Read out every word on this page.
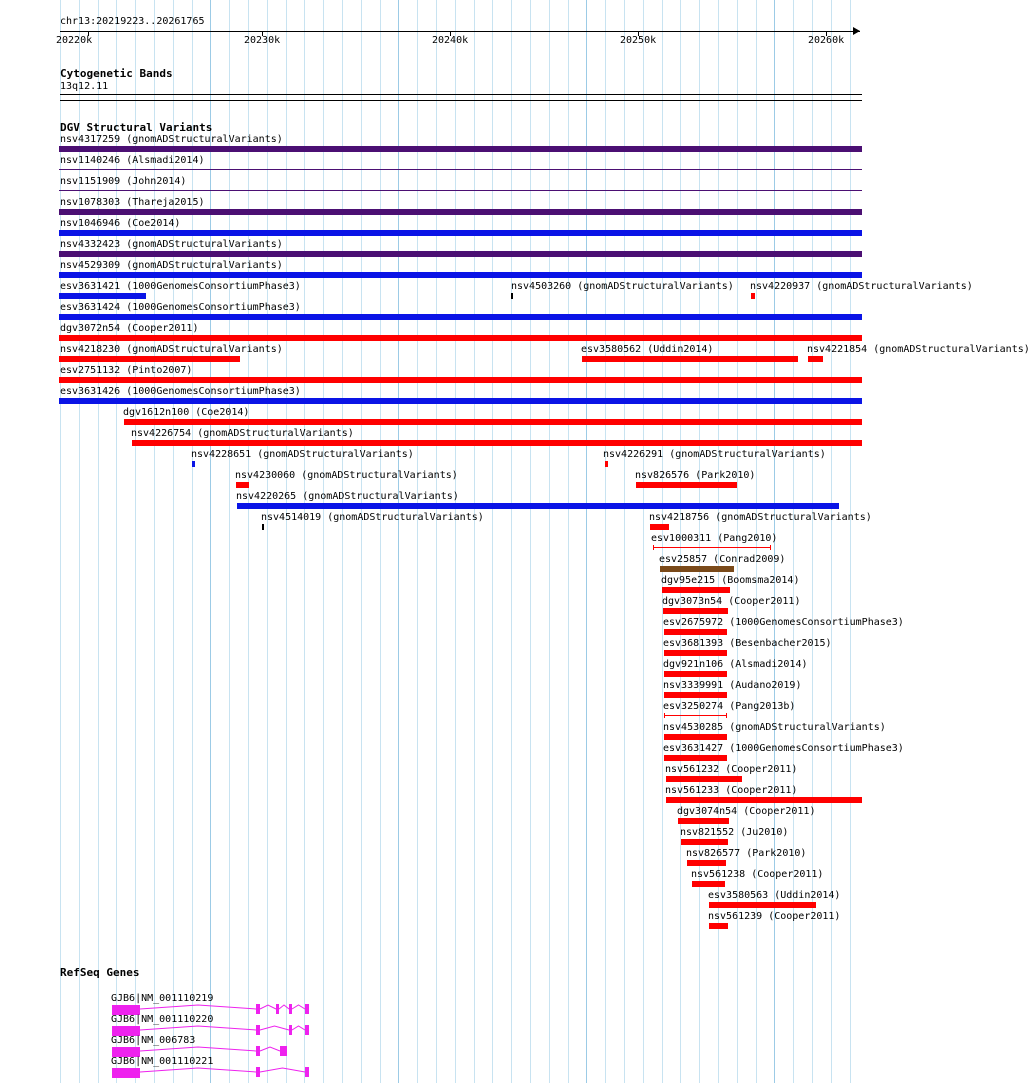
chr13:20219223..20261765
20220k	20230k	20240k	20250k	20260k
Cytogenetic Bands
13q12.11
DGV Structural Variants
nsv4317259 (gnomADStructuralVariants)
nsv1140246 (Alsmadi2014)
nsv1151909 (John2014)
nsv1078303 (Thareja2015)
nsv1046946 (Coe2014)
nsv4332423 (gnomADStructuralVariants)
nsv4529309 (gnomADStructuralVariants)
esv3631421 (1000GenomesConsortiumPhase3)	nsv4503260 (gnomADStructuralVariants) nsv4220937 (gnomADStructuralVariants)
esv3631424 (1000GenomesConsortiumPhase3)
dgv3072n54 (Cooper2011)
nsv4218230 (gnomADStructuralVariants)	esv3580562 (Uddin2014)	nsv4221854 (gnomADStructuralVariants)
esv2751132 (Pinto2007)
esv3631426 (1000GenomesConsortiumPhase3)
dgv1612n100 (Coe2014)
nsv4226754 (gnomADStructuralVariants)
nsv4228651 (gnomADStructuralVariants)	nsv4226291 (gnomADStructuralVariants)
nsv4230060 (gnomADStructuralVariants)	nsv826576 (Park2010)
nsv4220265 (gnomADStructuralVariants)
nsv4514019 (gnomADStructuralVariants)	nsv4218756 (gnomADStructuralVariants)
esv1000311 (Pang2010)
esv25857 (Conrad2009)
dgv95e215 (Boomsma2014)
dgv3073n54 (Cooper2011)
esv2675972 (1000GenomesConsortiumPhase3)
esv3681393 (Besenbacher2015)
dgv921n106 (Alsmadi2014)
nsv3339991 (Audano2019)
esv3250274 (Pang2013b)
nsv4530285 (gnomADStructuralVariants)
esv3631427 (1000GenomesConsortiumPhase3)
nsv561232 (Cooper2011)
nsv561233 (Cooper2011)
dgv3074n54 (Cooper2011)
nsv821552 (Ju2010)
nsv826577 (Park2010)
nsv561238 (Cooper2011)
esv3580563 (Uddin2014)
nsv561239 (Cooper2011)
RefSeq Genes
GJB6|NM_001110219
GJB6|NM_001110220
GJB6|NM_006783
GJB6|NM_001110221
